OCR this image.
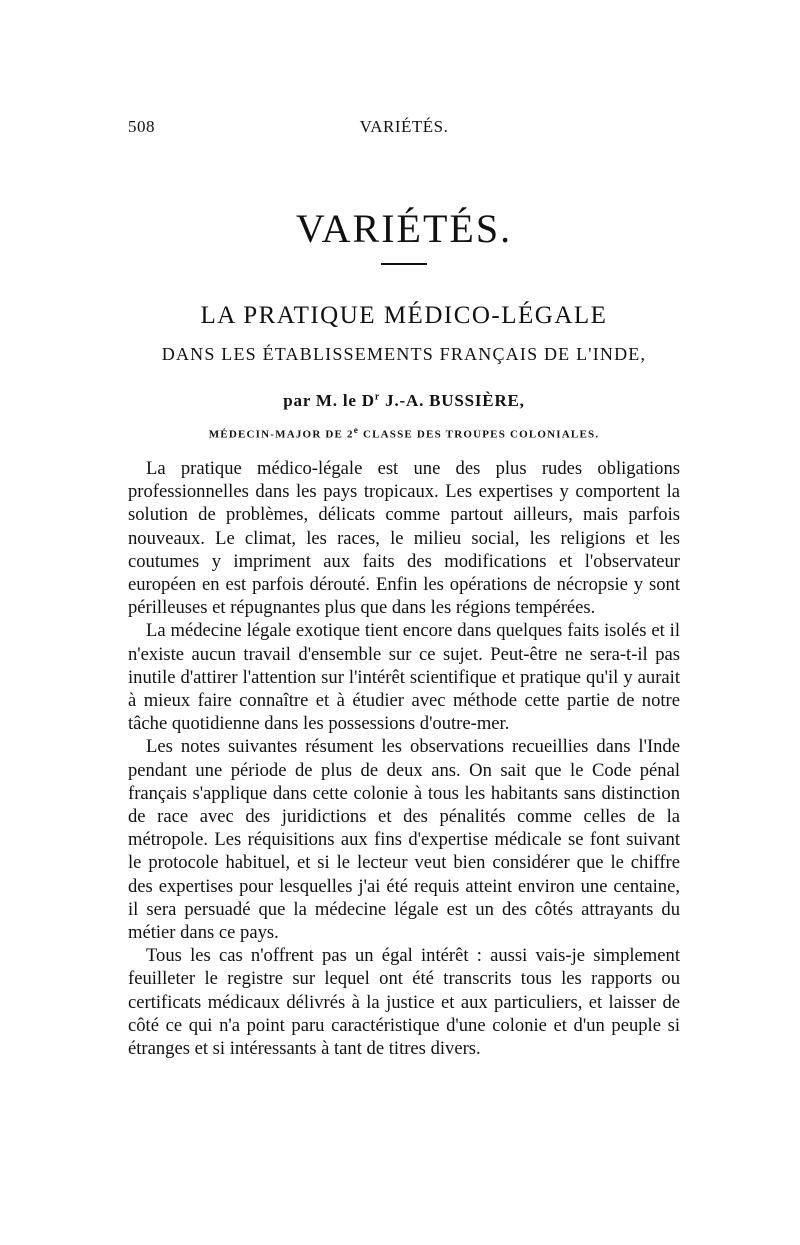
508	VARIÉTÉS.
VARIÉTÉS.
LA PRATIQUE MÉDICO-LÉGALE
DANS LES ÉTABLISSEMENTS FRANÇAIS DE L'INDE,
par M. le $D^r$ J.-A. BUSSIÈRE,
MÉDECIN-MAJOR DE 2e CLASSE DES TROUPES COLONIALES.

La pratique médico-légale est une des plus rudes obligations professionnelles dans les pays tropicaux. Les expertises y comportent la solution de problèmes, délicats comme partout ailleurs, mais parfois nouveaux. Le climat, les races, le milieu social, les religions et les coutumes y impriment aux faits des modifications et l'observateur européen en est parfois dérouté. Enfin les opérations de nécropsie y sont périlleuses et répugnantes plus que dans les régions tempérées.

La médecine légale exotique tient encore dans quelques faits isolés et il n'existe aucun travail d'ensemble sur ce sujet. Peut-être ne sera-t-il pas inutile d'attirer l'attention sur l'intérêt scientifique et pratique qu'il y aurait à mieux faire connaître et à étudier avec méthode cette partie de notre tâche quotidienne dans les possessions d'outre-mer.

Les notes suivantes résument les observations recueillies dans l'Inde pendant une période de plus de deux ans. On sait que le Code pénal français s'applique dans cette colonie à tous les habitants sans distinction de race avec des juridictions et des pénalités comme celles de la métropole. Les réquisitions aux fins d'expertise médicale se font suivant le protocole habituel, et si le lecteur veut bien considérer que le chiffre des expertises pour lesquelles j'ai été requis atteint environ une centaine, il sera persuadé que la médecine légale est un des côtés attrayants du métier dans ce pays.

Tous les cas n'offrent pas un égal intérêt : aussi vais-je simplement feuilleter le registre sur lequel ont été transcrits tous les rapports ou certificats médicaux délivrés à la justice et aux particuliers, et laisser de côté ce qui n'a point paru caractéristique d'une colonie et d'un peuple si étranges et si intéressants à tant de titres divers.
